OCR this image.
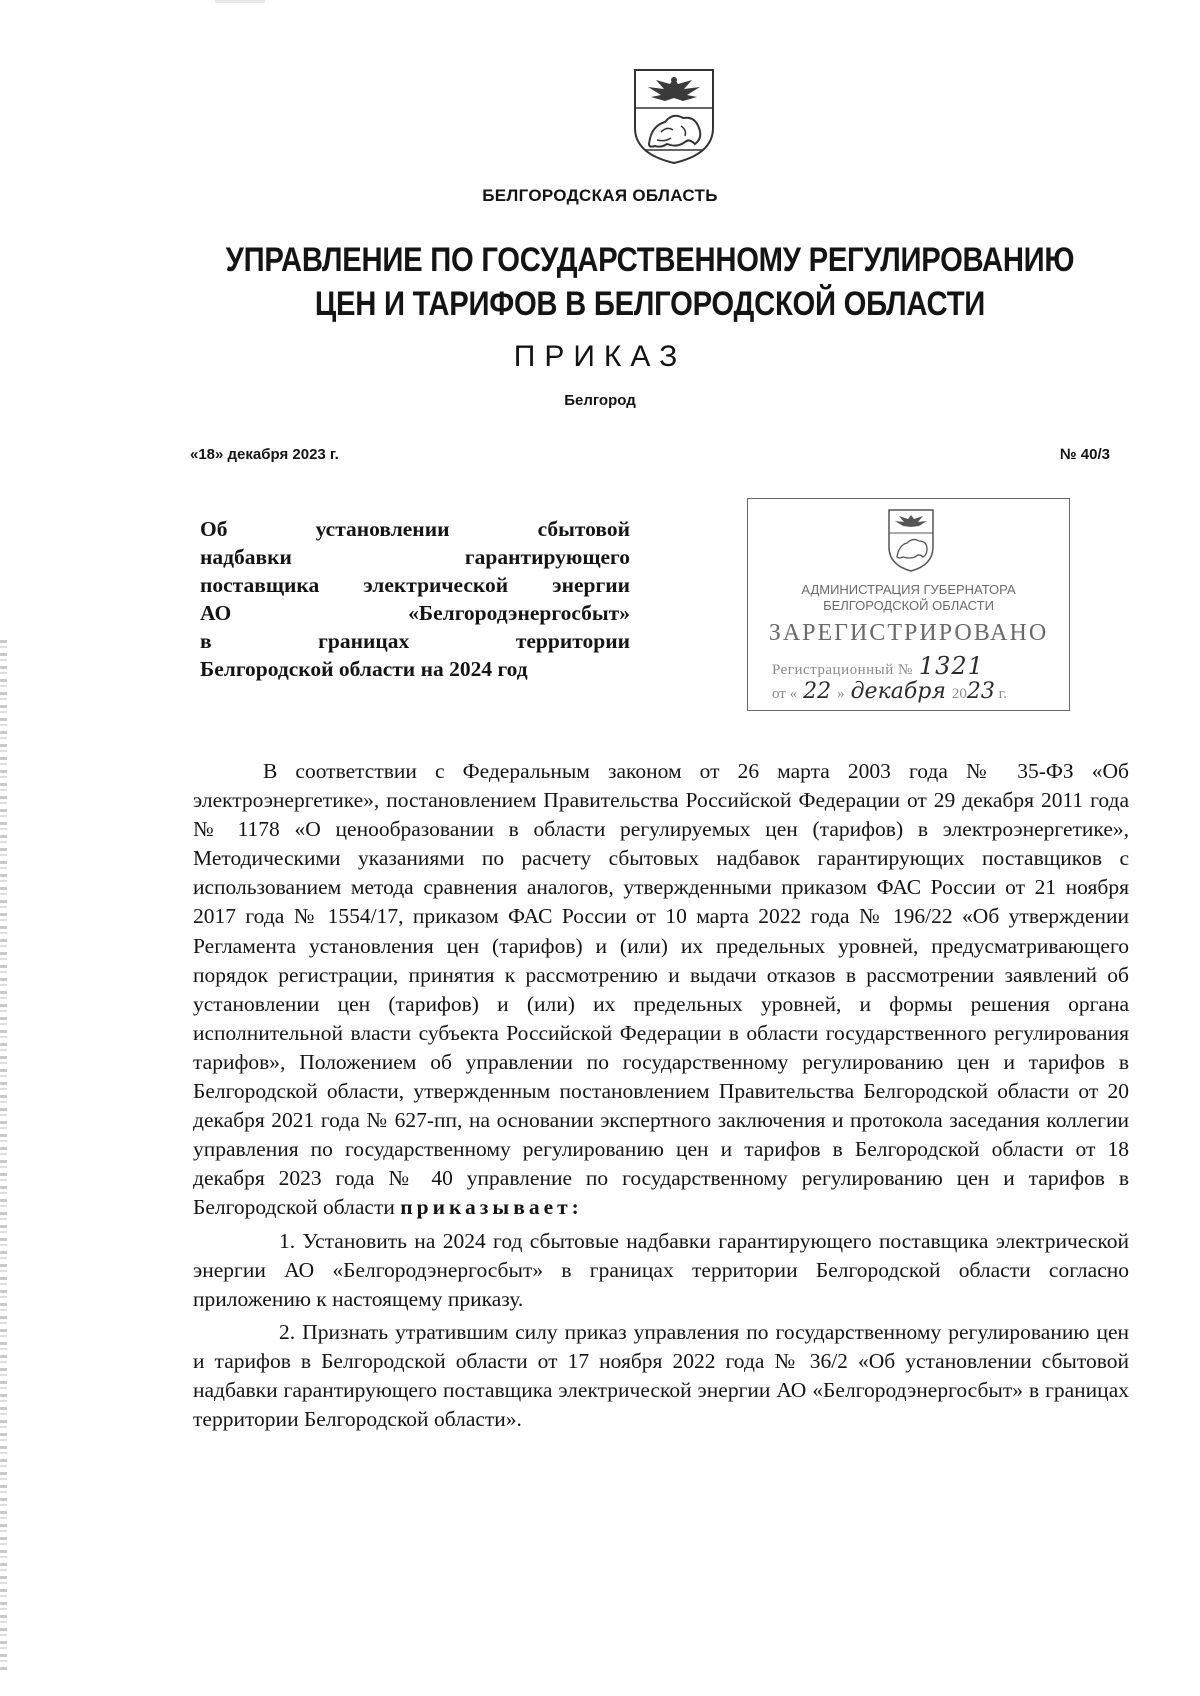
БЕЛГОРОДСКАЯ ОБЛАСТЬ
УПРАВЛЕНИЕ ПО ГОСУДАРСТВЕННОМУ РЕГУЛИРОВАНИЮ
ЦЕН И ТАРИФОВ В БЕЛГОРОДСКОЙ ОБЛАСТИ
ПРИКАЗ
Белгород
«18» декабря 2023 г.	№ 40/3
Об установлении сбытовой
надбавки гарантирующего
поставщика электрической энергии
АО «Белгородэнергосбыт»
в границах территории
Белгородской области на 2024 год
АДМИНИСТРАЦИЯ ГУБЕРНАТОРА
БЕЛГОРОДСКОЙ ОБЛАСТИ
ЗАРЕГИСТРИРОВАНО
Регистрационный № 1321
от « 22 » декабря 2023 г.

В соответствии с Федеральным законом от 26 марта 2003 года № 35-ФЗ «Об электроэнергетике», постановлением Правительства Российской Федерации от 29 декабря 2011 года № 1178 «О ценообразовании в области регулируемых цен (тарифов) в электроэнергетике», Методическими указаниями по расчету сбытовых надбавок гарантирующих поставщиков с использованием метода сравнения аналогов, утвержденными приказом ФАС России от 21 ноября 2017 года № 1554/17, приказом ФАС России от 10 марта 2022 года № 196/22 «Об утверждении Регламента установления цен (тарифов) и (или) их предельных уровней, предусматривающего порядок регистрации, принятия к рассмотрению и выдачи отказов в рассмотрении заявлений об установлении цен (тарифов) и (или) их предельных уровней, и формы решения органа исполнительной власти субъекта Российской Федерации в области государственного регулирования тарифов», Положением об управлении по государственному регулированию цен и тарифов в Белгородской области, утвержденным постановлением Правительства Белгородской области от 20 декабря 2021 года № 627-пп, на основании экспертного заключения и протокола заседания коллегии управления по государственному регулированию цен и тарифов в Белгородской области от 18 декабря 2023 года № 40 управление по государственному регулированию цен и тарифов в Белгородской области приказывает:

1. Установить на 2024 год сбытовые надбавки гарантирующего поставщика электрической энергии АО «Белгородэнергосбыт» в границах территории Белгородской области согласно приложению к настоящему приказу.

2. Признать утратившим силу приказ управления по государственному регулированию цен и тарифов в Белгородской области от 17 ноября 2022 года № 36/2 «Об установлении сбытовой надбавки гарантирующего поставщика электрической энергии АО «Белгородэнергосбыт» в границах территории Белгородской области».
